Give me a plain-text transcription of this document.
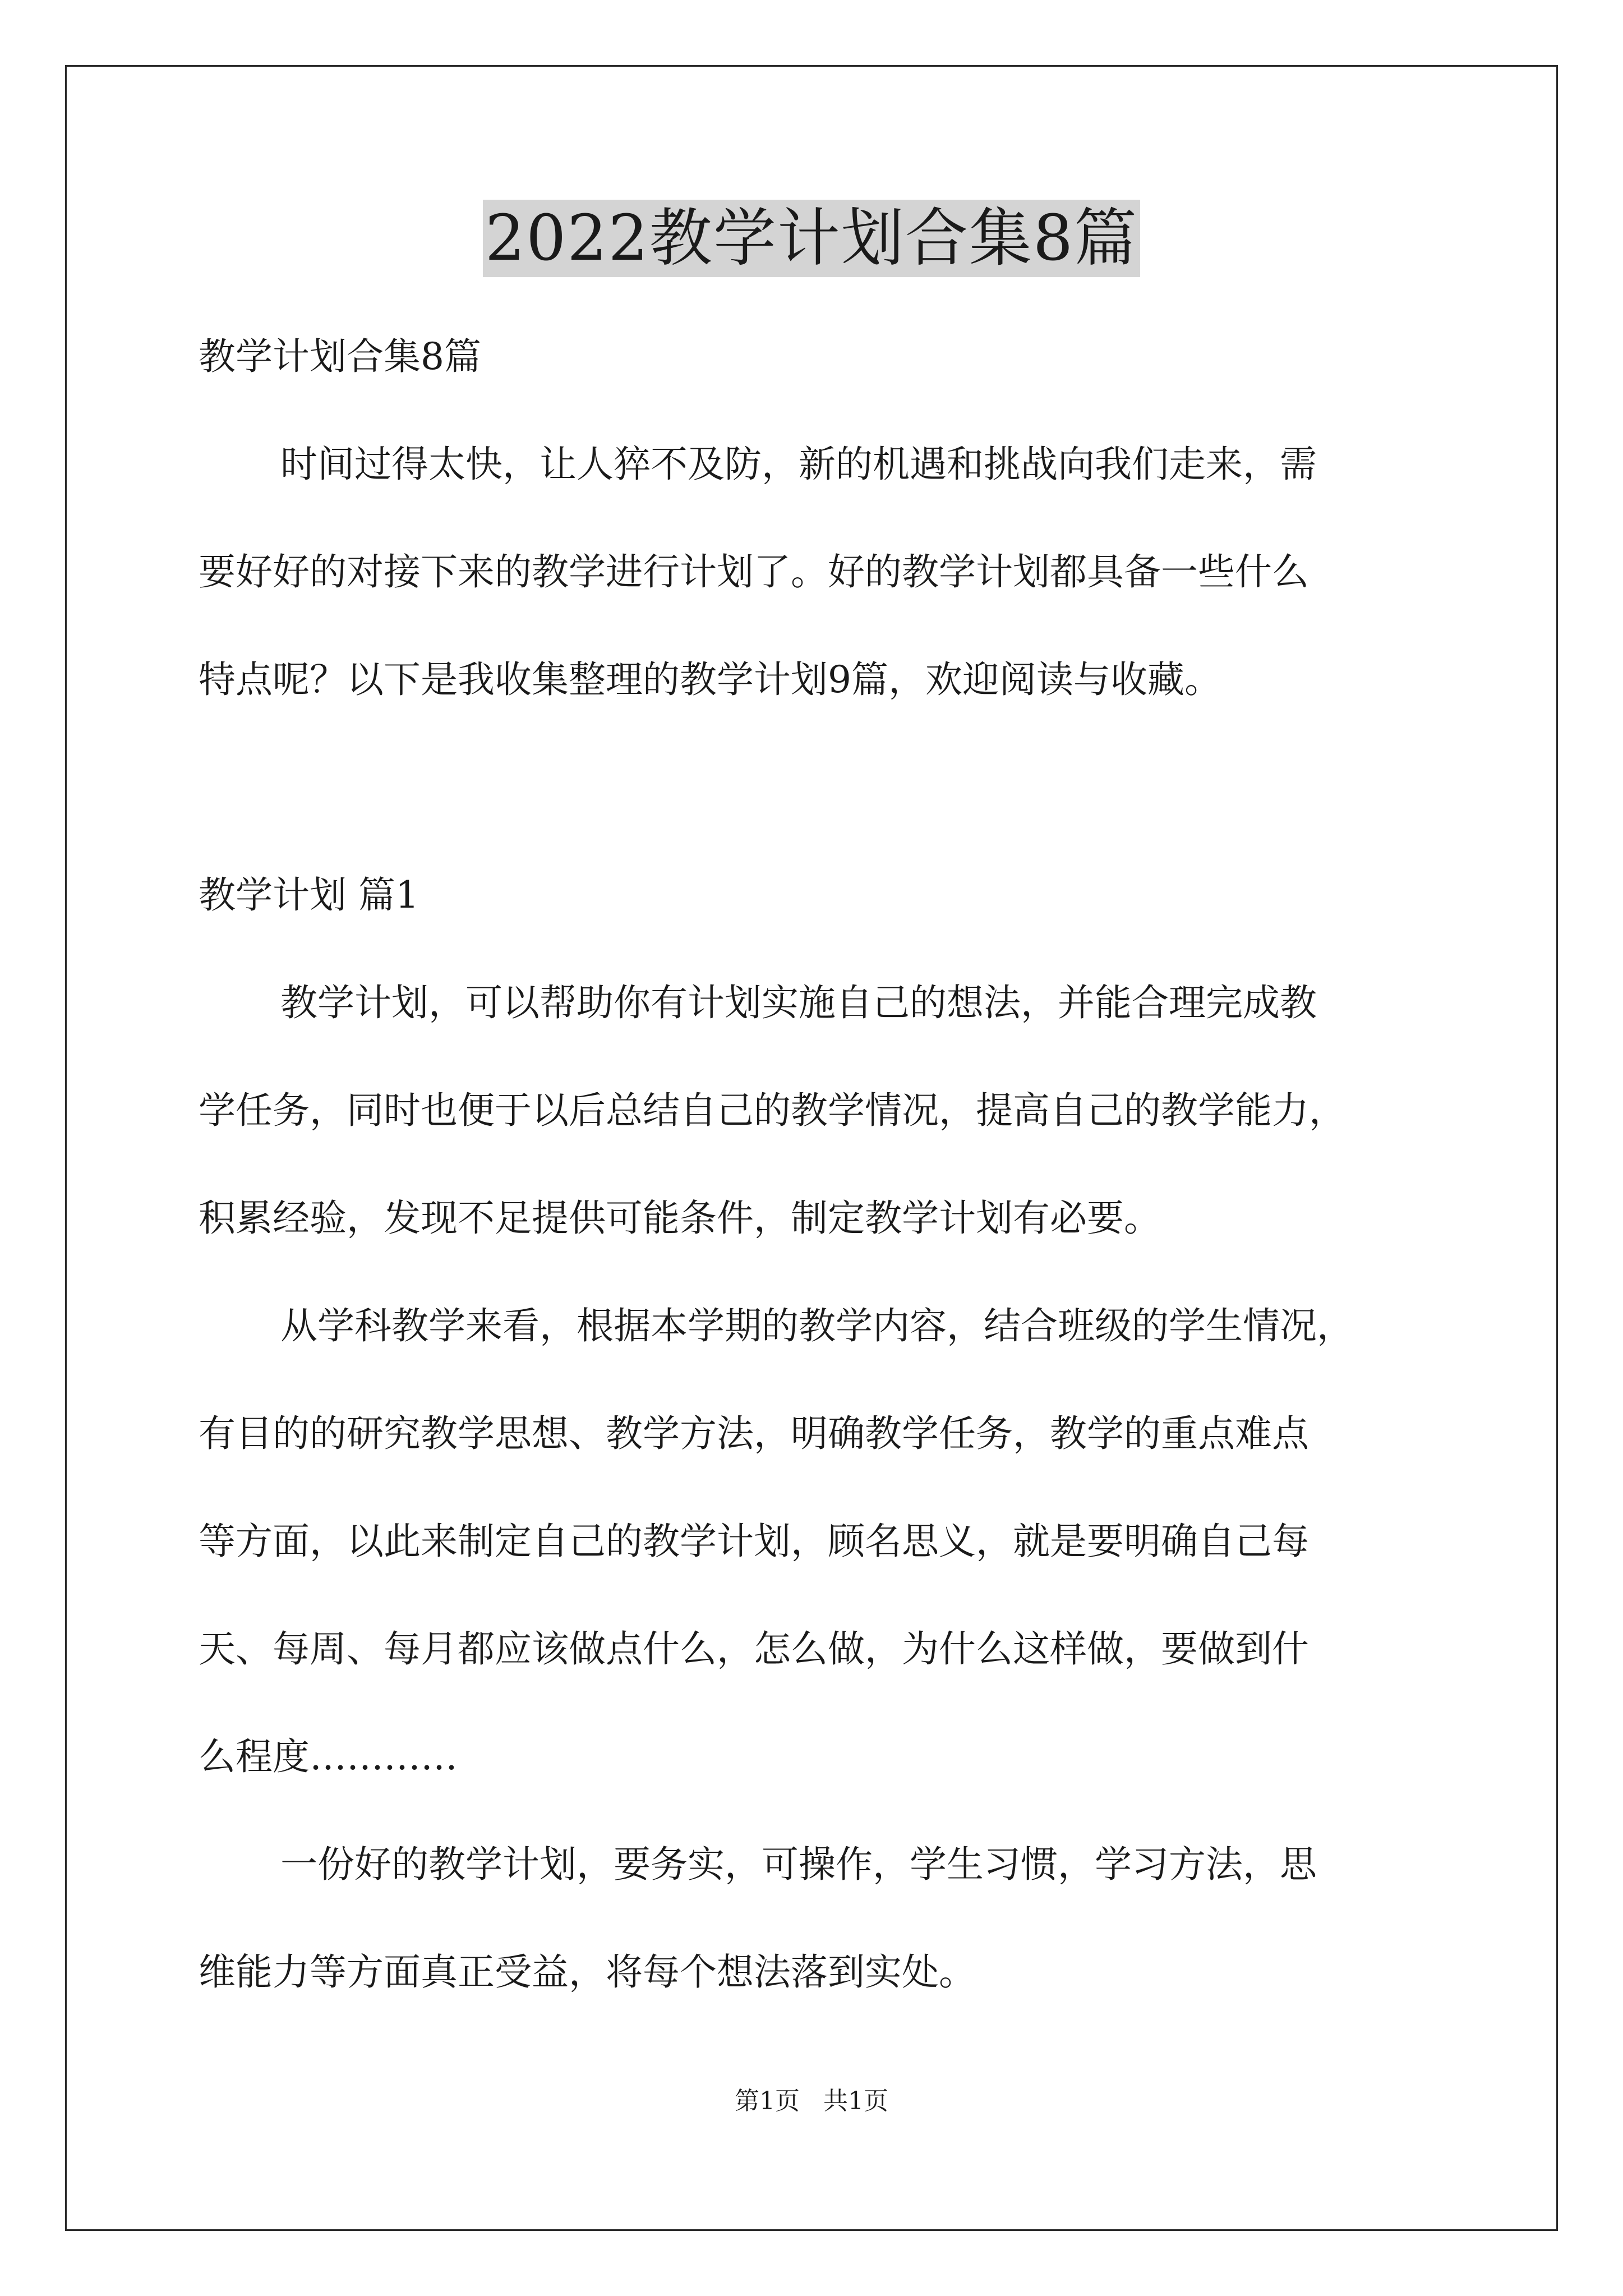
2022教学计划合集8篇
教学计划合集8篇
时间过得太快，让人猝不及防，新的机遇和挑战向我们走来，需
要好好的对接下来的教学进行计划了。好的教学计划都具备一些什么
特点呢？以下是我收集整理的教学计划9篇，欢迎阅读与收藏。
教学计划 篇1
教学计划，可以帮助你有计划实施自己的想法，并能合理完成教
学任务，同时也便于以后总结自己的教学情况，提高自己的教学能力，
积累经验，发现不足提供可能条件，制定教学计划有必要。
从学科教学来看，根据本学期的教学内容，结合班级的学生情况，
有目的的研究教学思想、教学方法，明确教学任务，教学的重点难点
等方面，以此来制定自己的教学计划，顾名思义，就是要明确自己每
天、每周、每月都应该做点什么，怎么做，为什么这样做，要做到什
么程度…………
一份好的教学计划，要务实，可操作，学生习惯，学习方法，思
维能力等方面真正受益，将每个想法落到实处。
第1页   共1页
